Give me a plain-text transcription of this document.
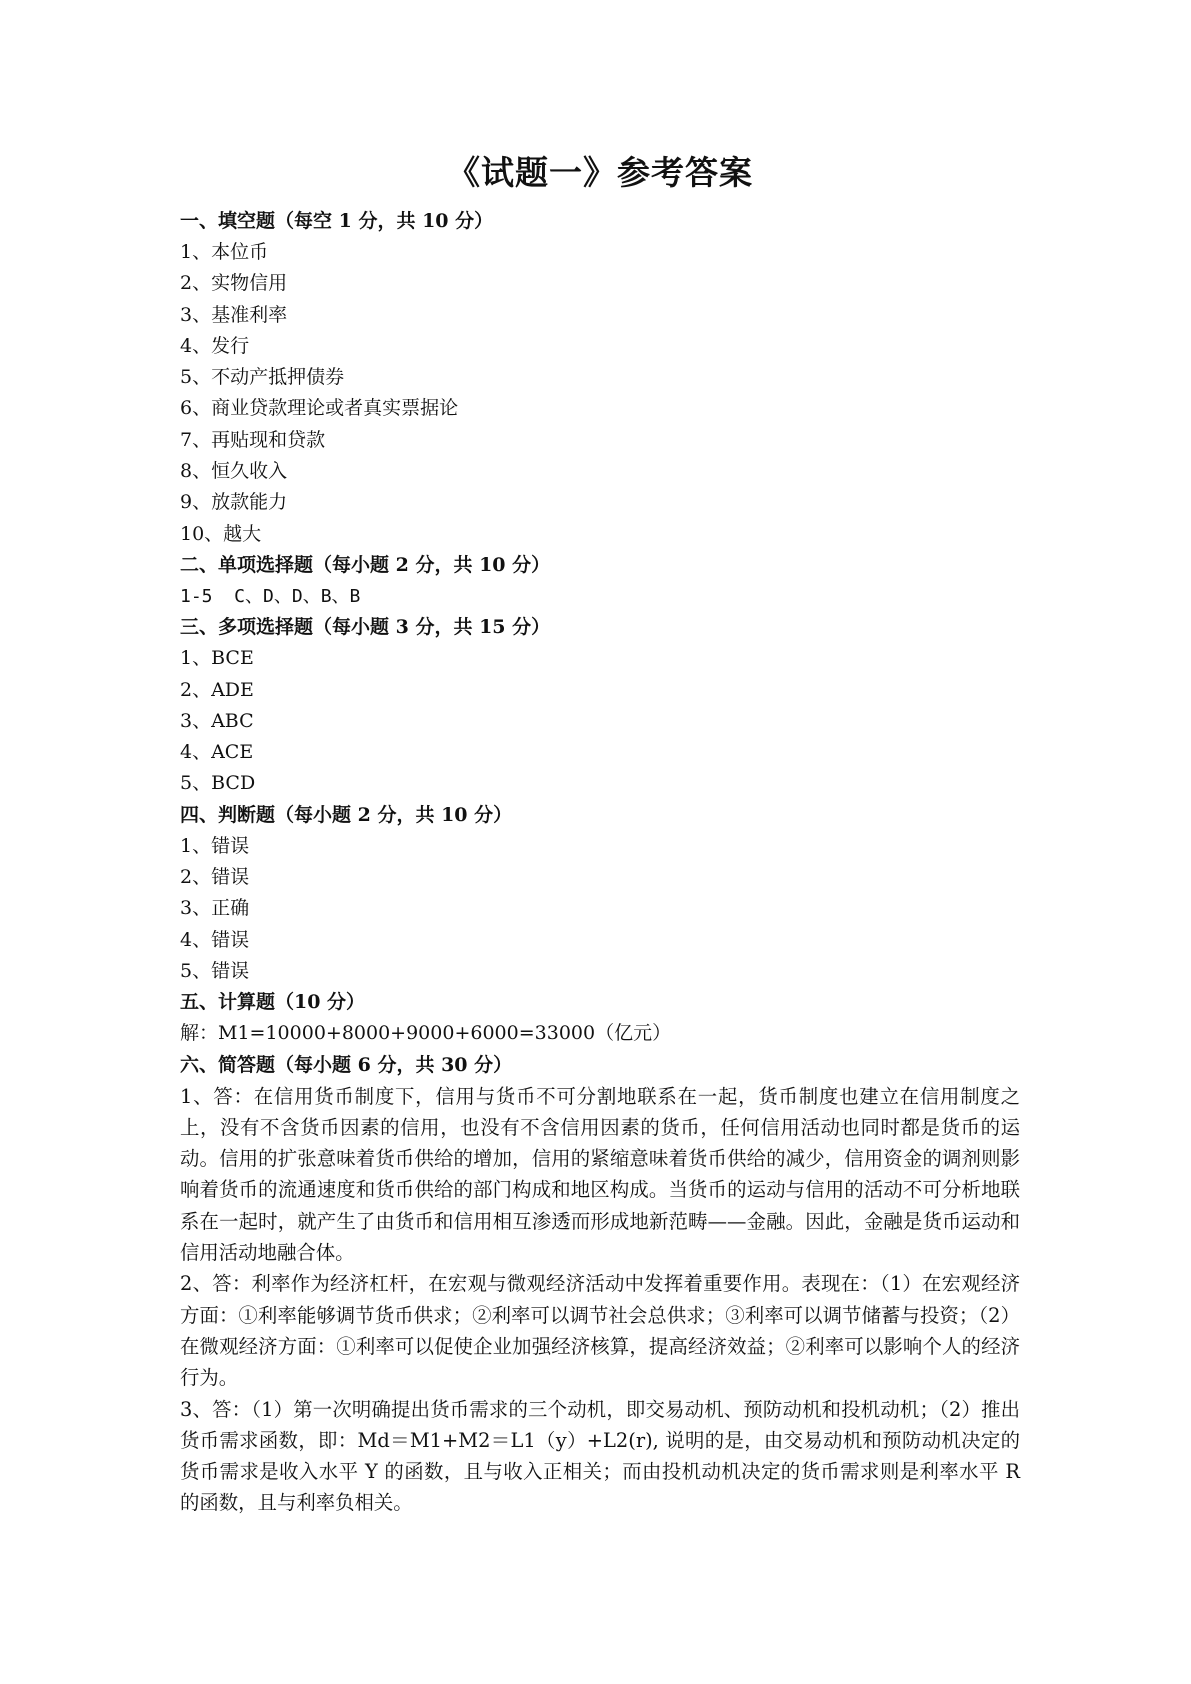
《试题一》参考答案
一、填空题（每空 1 分，共 10 分）
1、本位币
2、实物信用
3、基准利率
4、发行
5、不动产抵押债券
6、商业贷款理论或者真实票据论
7、再贴现和贷款
8、恒久收入
9、放款能力
10、越大
二、单项选择题（每小题 2 分，共 10 分）
1-5  C、D、D、B、B
三、多项选择题（每小题 3 分，共 15 分）
1、BCE
2、ADE
3、ABC
4、ACE
5、BCD
四、判断题（每小题 2 分，共 10 分）
1、错误
2、错误
3、正确
4、错误
5、错误
五、计算题（10 分）
解：M1=10000+8000+9000+6000=33000（亿元）
六、简答题（每小题 6 分，共 30 分）
1、答：在信用货币制度下，信用与货币不可分割地联系在一起，货币制度也建立在信用制度之上，没有不含货币因素的信用，也没有不含信用因素的货币，任何信用活动也同时都是货币的运动。信用的扩张意味着货币供给的增加，信用的紧缩意味着货币供给的减少，信用资金的调剂则影响着货币的流通速度和货币供给的部门构成和地区构成。当货币的运动与信用的活动不可分析地联系在一起时，就产生了由货币和信用相互渗透而形成地新范畴——金融。因此，金融是货币运动和信用活动地融合体。
2、答：利率作为经济杠杆，在宏观与微观经济活动中发挥着重要作用。表现在：（1）在宏观经济方面：①利率能够调节货币供求；②利率可以调节社会总供求；③利率可以调节储蓄与投资；（2）在微观经济方面：①利率可以促使企业加强经济核算，提高经济效益；②利率可以影响个人的经济行为。
3、答：（1）第一次明确提出货币需求的三个动机，即交易动机、预防动机和投机动机；（2）推出货币需求函数，即：Md＝M1+M2＝L1（y）+L2(r), 说明的是，由交易动机和预防动机决定的货币需求是收入水平 Y 的函数，且与收入正相关；而由投机动机决定的货币需求则是利率水平 R 的函数，且与利率负相关。
